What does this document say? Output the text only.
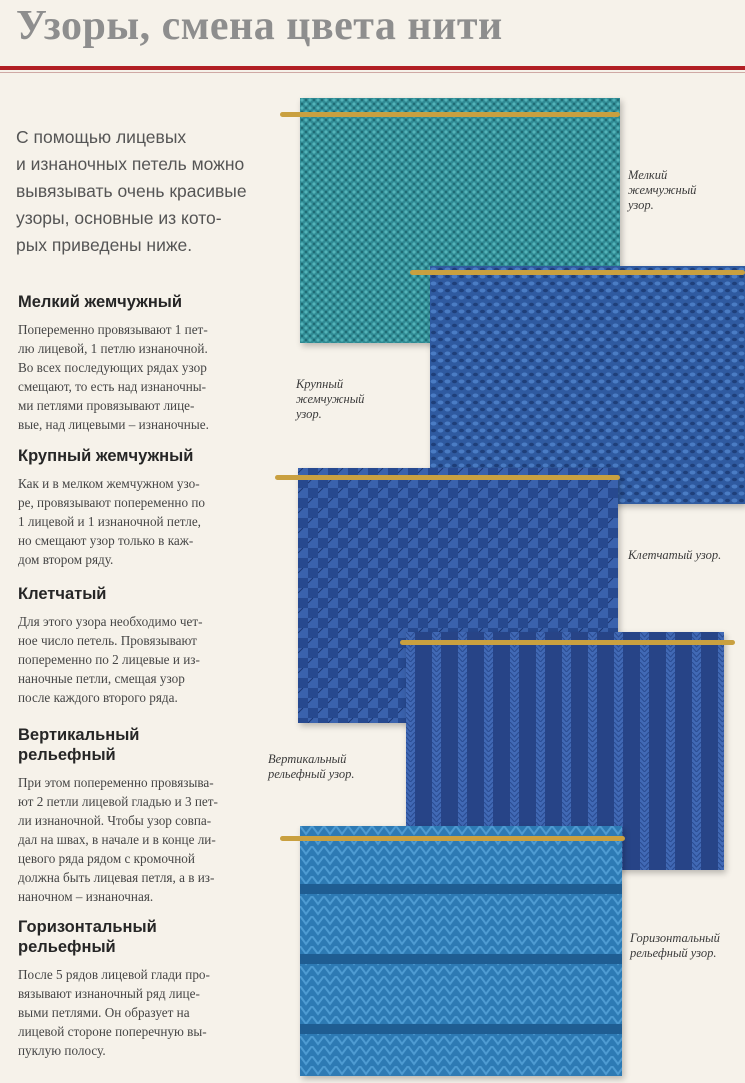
Узоры, смена цвета нити
С помощью лицевых
и изнаночных петель можно
вывязывать очень красивые
узоры, основные из кото-
рых приведены ниже.
Мелкий жемчужный

Попеременно провязывают 1 пет-
лю лицевой, 1 петлю изнаночной.
Во всех последующих рядах узор
смещают, то есть над изнаночны-
ми петлями провязывают лице-
вые, над лицевыми – изнаночные.

Крупный жемчужный

Как и в мелком жемчужном узо-
ре, провязывают попеременно по
1 лицевой и 1 изнаночной петле,
но смещают узор только в каж-
дом втором ряду.

Клетчатый

Для этого узора необходимо чет-
ное число петель. Провязывают
попеременно по 2 лицевые и из-
наночные петли, смещая узор
после каждого второго ряда.

Вертикальный
рельефный

При этом попеременно провязыва-
ют 2 петли лицевой гладью и 3 пет-
ли изнаночной. Чтобы узор совпа-
дал на швах, в начале и в конце ли-
цевого ряда рядом с кромочной
должна быть лицевая петля, а в из-
наночном – изнаночная.

Горизонтальный
рельефный

После 5 рядов лицевой глади про-
вязывают изнаночный ряд лице-
выми петлями. Он образует на
лицевой стороне поперечную вы-
пуклую полосу.

Мелкий
жемчужный
узор.
Крупный
жемчужный
узор.
Клетчатый узор.
Вертикальный
рельефный узор.
Горизонтальный
рельефный узор.
